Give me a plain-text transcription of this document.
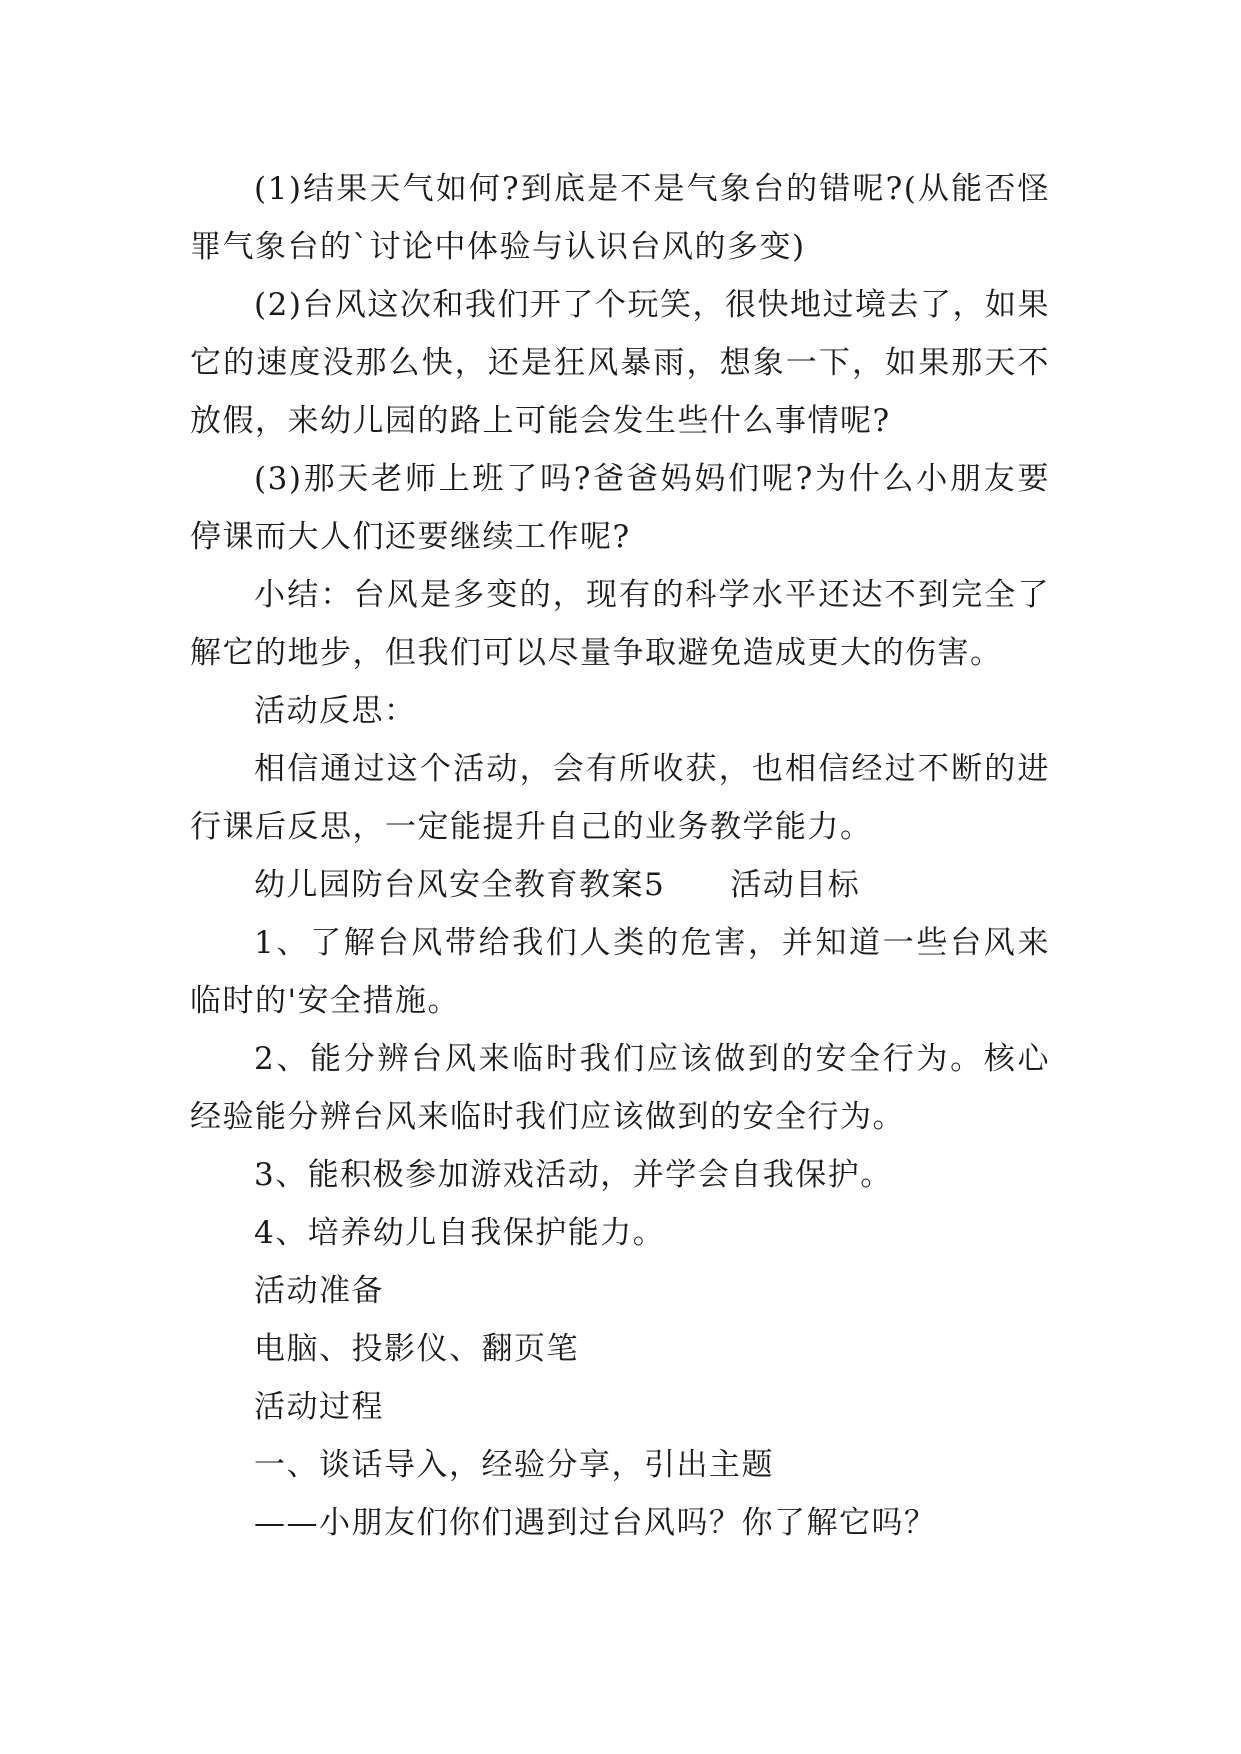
(1)结果天气如何?到底是不是气象台的错呢?(从能否怪罪气象台的`讨论中体验与认识台风的多变)

(2)台风这次和我们开了个玩笑，很快地过境去了，如果它的速度没那么快，还是狂风暴雨，想象一下，如果那天不放假，来幼儿园的路上可能会发生些什么事情呢?

(3)那天老师上班了吗?爸爸妈妈们呢?为什么小朋友要停课而大人们还要继续工作呢?

小结：台风是多变的，现有的科学水平还达不到完全了解它的地步，但我们可以尽量争取避免造成更大的伤害。

活动反思：

相信通过这个活动，会有所收获，也相信经过不断的进行课后反思，一定能提升自己的业务教学能力。

幼儿园防台风安全教育教案5　　活动目标

1、了解台风带给我们人类的危害，并知道一些台风来临时的'安全措施。

2、能分辨台风来临时我们应该做到的安全行为。核心经验能分辨台风来临时我们应该做到的安全行为。

3、能积极参加游戏活动，并学会自我保护。

4、培养幼儿自我保护能力。

活动准备

电脑、投影仪、翻页笔

活动过程

一、谈话导入，经验分享，引出主题

——小朋友们你们遇到过台风吗？你了解它吗？
